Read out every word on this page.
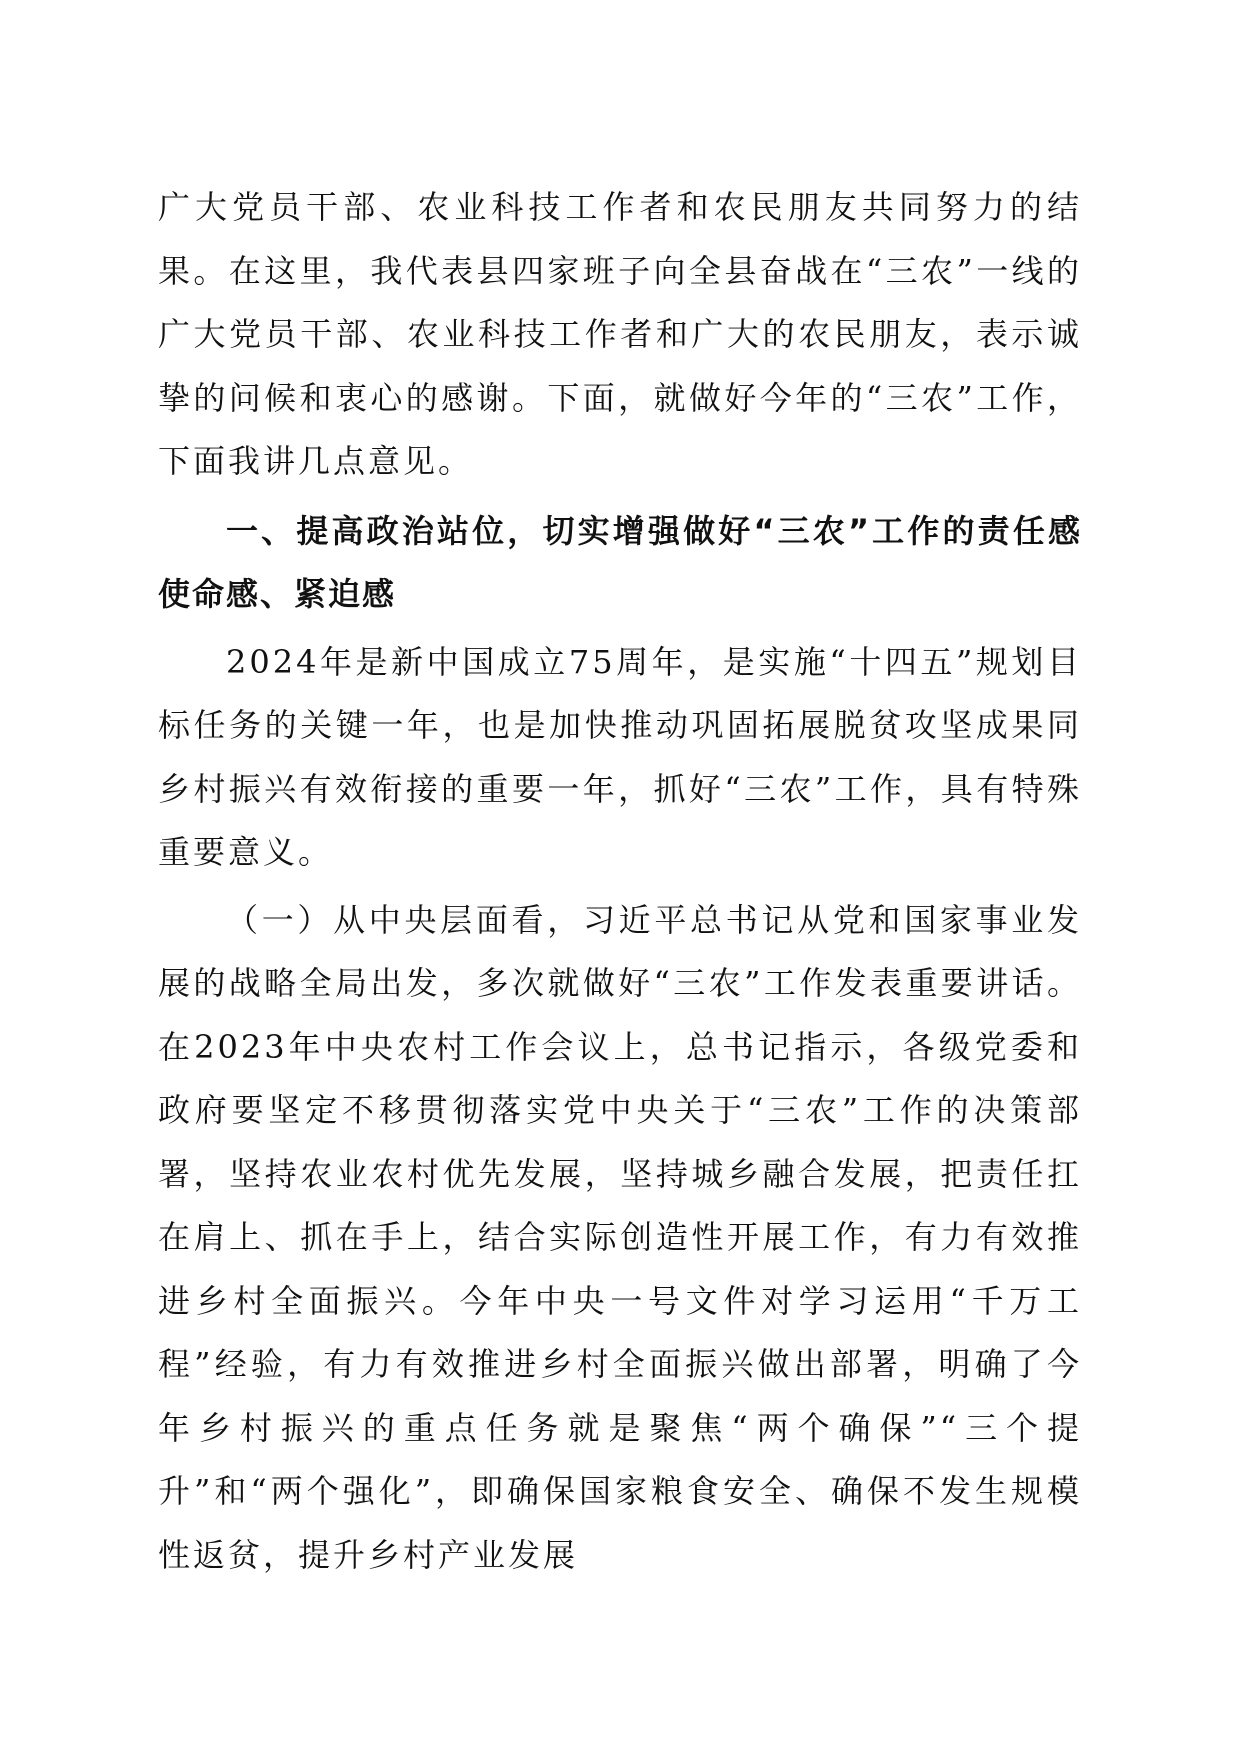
广大党员干部、农业科技工作者和农民朋友共同努力的结果。在这里，我代表县四家班子向全县奋战在“三农”一线的广大党员干部、农业科技工作者和广大的农民朋友，表示诚挚的问候和衷心的感谢。下面，就做好今年的“三农”工作，下面我讲几点意见。

一、提高政治站位，切实增强做好“三农”工作的责任感使命感、紧迫感

2024年是新中国成立75周年，是实施“十四五”规划目标任务的关键一年，也是加快推动巩固拓展脱贫攻坚成果同乡村振兴有效衔接的重要一年，抓好“三农”工作，具有特殊重要意义。

（一）从中央层面看，习近平总书记从党和国家事业发展的战略全局出发，多次就做好“三农”工作发表重要讲话。在2023年中央农村工作会议上，总书记指示，各级党委和政府要坚定不移贯彻落实党中央关于“三农”工作的决策部署，坚持农业农村优先发展，坚持城乡融合发展，把责任扛在肩上、抓在手上，结合实际创造性开展工作，有力有效推进乡村全面振兴。今年中央一号文件对学习运用“千万工程”经验，有力有效推进乡村全面振兴做出部署，明确了今年乡村振兴的重点任务就是聚焦“两个确保”“三个提升”和“两个强化”，即确保国家粮食安全、确保不发生规模性返贫，提升乡村产业发展
